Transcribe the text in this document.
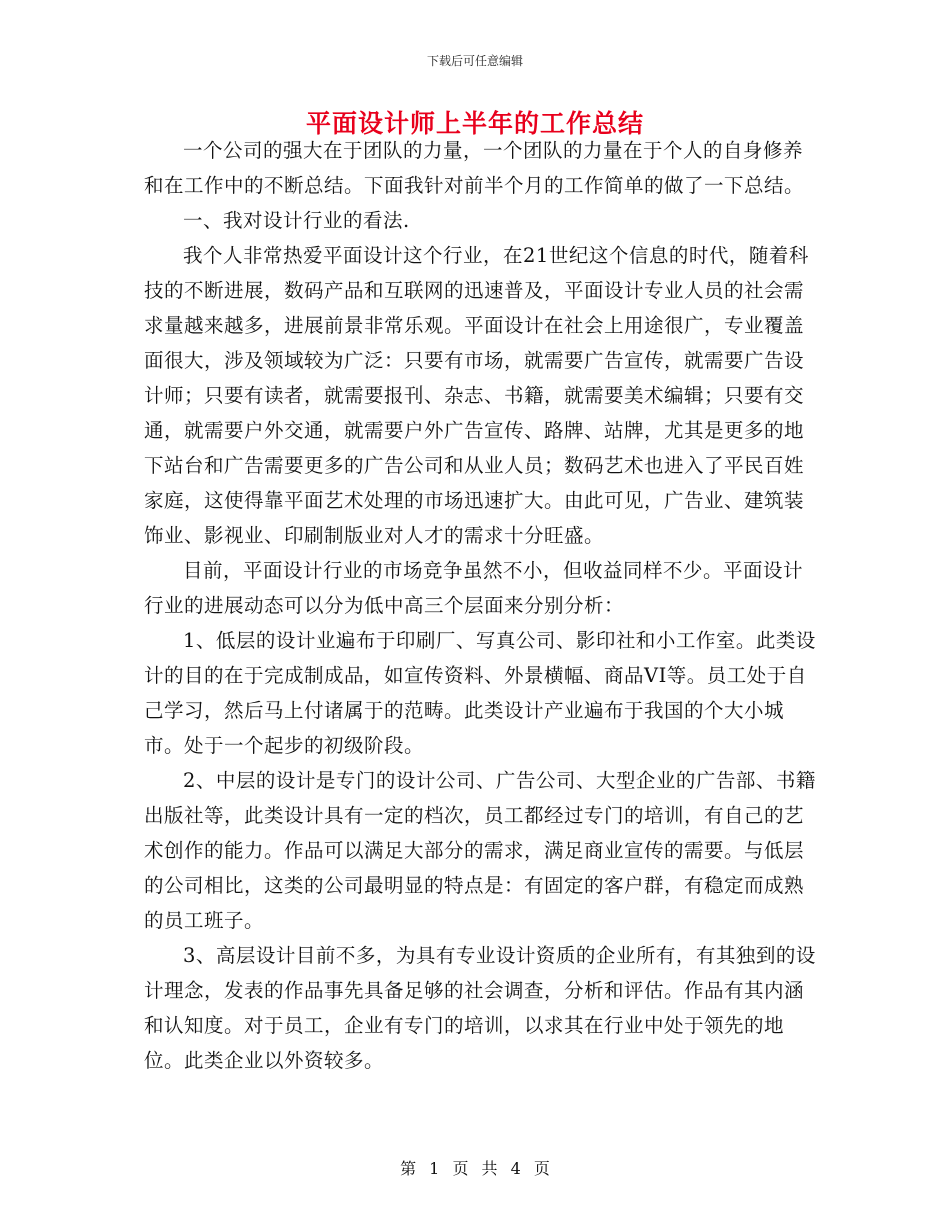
下载后可任意编辑
平面设计师上半年的工作总结

一个公司的强大在于团队的力量，一个团队的力量在于个人的自身修养和在工作中的不断总结。下面我针对前半个月的工作简单的做了一下总结。

一、我对设计行业的看法.

我个人非常热爱平面设计这个行业，在21世纪这个信息的时代，随着科技的不断进展，数码产品和互联网的迅速普及，平面设计专业人员的社会需求量越来越多，进展前景非常乐观。平面设计在社会上用途很广，专业覆盖面很大，涉及领域较为广泛：只要有市场，就需要广告宣传，就需要广告设计师；只要有读者，就需要报刊、杂志、书籍，就需要美术编辑；只要有交通，就需要户外交通，就需要户外广告宣传、路牌、站牌，尤其是更多的地下站台和广告需要更多的广告公司和从业人员；数码艺术也进入了平民百姓家庭，这使得靠平面艺术处理的市场迅速扩大。由此可见，广告业、建筑装饰业、影视业、印刷制版业对人才的需求十分旺盛。

目前，平面设计行业的市场竞争虽然不小，但收益同样不少。平面设计行业的进展动态可以分为低中高三个层面来分别分析：

1、低层的设计业遍布于印刷厂、写真公司、影印社和小工作室。此类设计的目的在于完成制成品，如宣传资料、外景横幅、商品VI等。员工处于自己学习，然后马上付诸属于的范畴。此类设计产业遍布于我国的个大小城市。处于一个起步的初级阶段。

2、中层的设计是专门的设计公司、广告公司、大型企业的广告部、书籍出版社等，此类设计具有一定的档次，员工都经过专门的培训，有自己的艺术创作的能力。作品可以满足大部分的需求，满足商业宣传的需要。与低层的公司相比，这类的公司最明显的特点是：有固定的客户群，有稳定而成熟的员工班子。

3、高层设计目前不多，为具有专业设计资质的企业所有，有其独到的设计理念，发表的作品事先具备足够的社会调查，分析和评估。作品有其内涵和认知度。对于员工，企业有专门的培训，以求其在行业中处于领先的地位。此类企业以外资较多。

第 1 页 共 4 页
